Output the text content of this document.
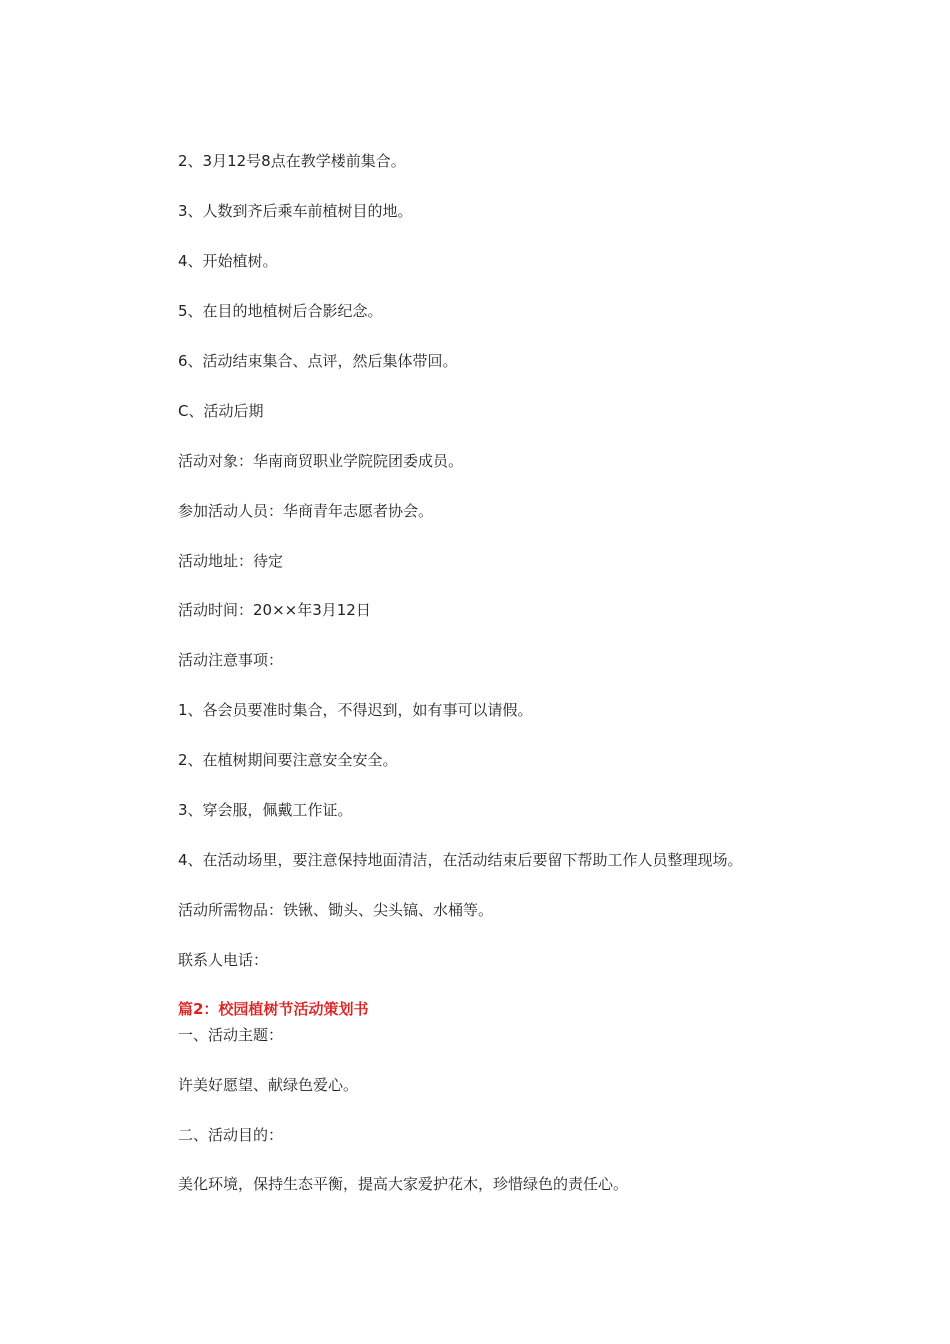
2、3月12号8点在教学楼前集合。
3、人数到齐后乘车前植树目的地。
4、开始植树。
5、在目的地植树后合影纪念。
6、活动结束集合、点评，然后集体带回。
C、活动后期
活动对象：华南商贸职业学院院团委成员。
参加活动人员：华商青年志愿者协会。
活动地址：待定
活动时间：20××年3月12日
活动注意事项：
1、各会员要准时集合，不得迟到，如有事可以请假。
2、在植树期间要注意安全安全。
3、穿会服，佩戴工作证。
4、在活动场里，要注意保持地面清洁，在活动结束后要留下帮助工作人员整理现场。
活动所需物品：铁锹、锄头、尖头镐、水桶等。
联系人电话：
篇2：校园植树节活动策划书
一、活动主题：
许美好愿望、献绿色爱心。
二、活动目的：
美化环境，保持生态平衡，提高大家爱护花木，珍惜绿色的责任心。
